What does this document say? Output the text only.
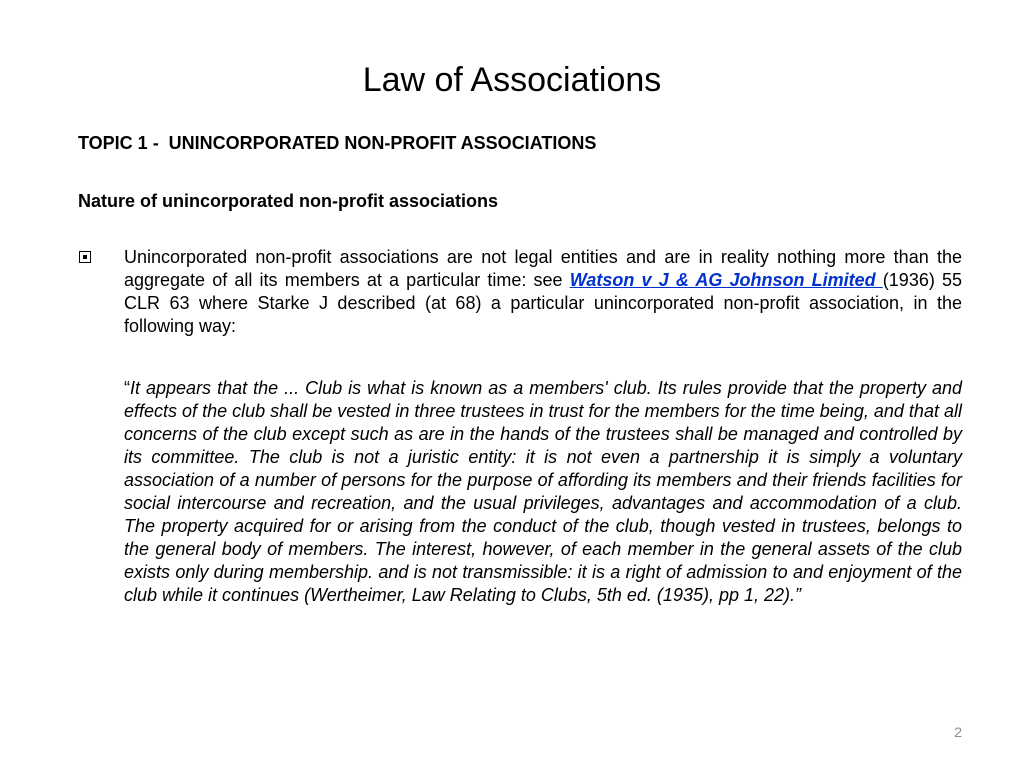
Law of Associations

TOPIC 1 -  UNINCORPORATED NON-PROFIT ASSOCIATIONS

Nature of unincorporated non-profit associations

Unincorporated non-profit associations are not legal entities and are in reality nothing more than the aggregate of all its members at a particular time: see Watson v J & AG Johnson Limited (1936) 55 CLR 63 where Starke J described (at 68) a particular unincorporated non-profit association, in the following way:

“It appears that the ... Club is what is known as a members' club. Its rules provide that the property and effects of the club shall be vested in three trustees in trust for the members for the time being, and that all concerns of the club except such as are in the hands of the trustees shall be managed and controlled by its committee. The club is not a juristic entity: it is not even a partnership it is simply a voluntary association of a number of persons for the purpose of affording its members and their friends facilities for social intercourse and recreation, and the usual privileges, advantages and accommodation of a club. The property acquired for or arising from the conduct of the club, though vested in trustees, belongs to the general body of members. The interest, however, of each member in the general assets of the club exists only during membership. and is not transmissible: it is a right of admission to and enjoyment of the club while it continues (Wertheimer, Law Relating to Clubs, 5th ed. (1935), pp 1, 22).”

2
